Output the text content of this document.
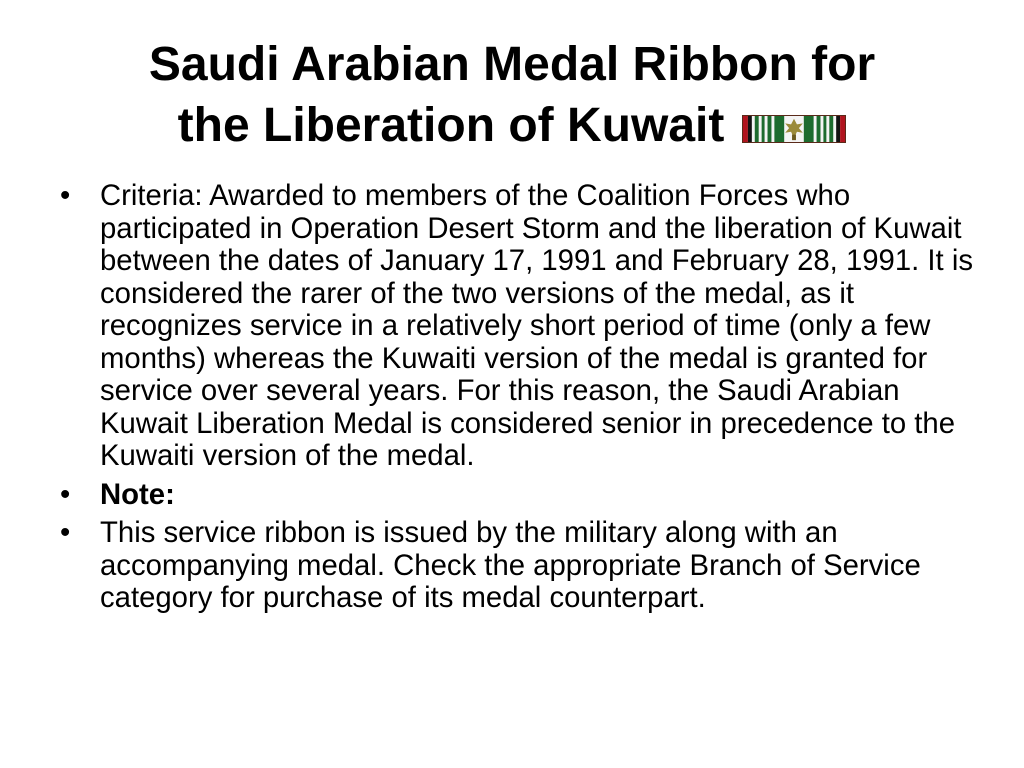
Saudi Arabian Medal Ribbon for
the Liberation of Kuwait
• Criteria: Awarded to members of the Coalition Forces who participated in Operation Desert Storm and the liberation of Kuwait between the dates of January 17, 1991 and February 28, 1991. It is considered the rarer of the two versions of the medal, as it recognizes service in a relatively short period of time (only a few months) whereas the Kuwaiti version of the medal is granted for service over several years. For this reason, the Saudi Arabian Kuwait Liberation Medal is considered senior in precedence to the Kuwaiti version of the medal.
• Note:
• This service ribbon is issued by the military along with an accompanying medal. Check the appropriate Branch of Service category for purchase of its medal counterpart.
